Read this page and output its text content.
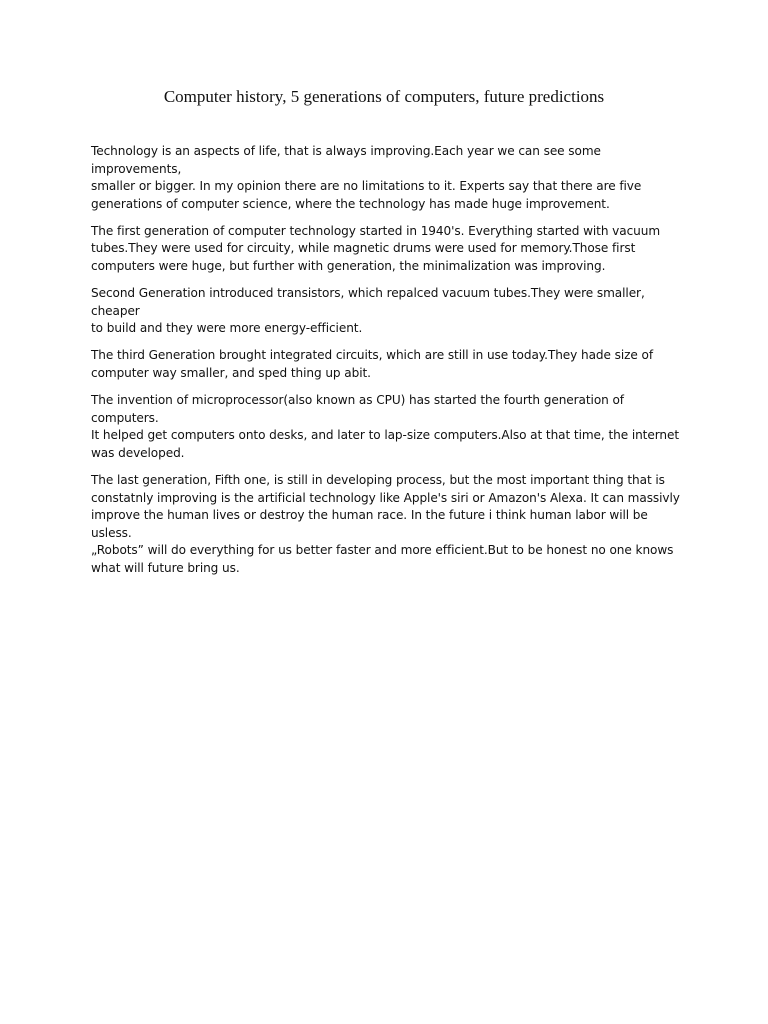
Computer history, 5 generations of computers, future predictions

Technology is an aspects of life, that is always improving.Each year we can see some improvements,
smaller or bigger. In my opinion there are no limitations to it. Experts say that there are five
generations of computer science, where the technology has made huge improvement.

The first generation of computer technology started in 1940's. Everything started with vacuum
tubes.They were used for circuity, while magnetic drums were used for memory.Those first
computers were huge, but further with generation, the minimalization was improving.

Second Generation introduced transistors, which repalced vacuum tubes.They were smaller, cheaper
to build and they were more energy-efficient.

The third Generation brought integrated circuits, which are still in use today.They hade size of
computer way smaller, and sped thing up abit.

The invention of microprocessor(also known as CPU) has started the fourth generation of computers.
It helped get computers onto desks, and later to lap-size computers.Also at that time, the internet
was developed.

The last generation, Fifth one, is still in developing process, but the most important thing that is
constatnly improving is the artificial technology like Apple's siri or Amazon's Alexa. It can massivly
improve the human lives or destroy the human race. In the future i think human labor will be usless.
„Robots” will do everything for us better faster and more efficient.But to be honest no one knows
what will future bring us.
